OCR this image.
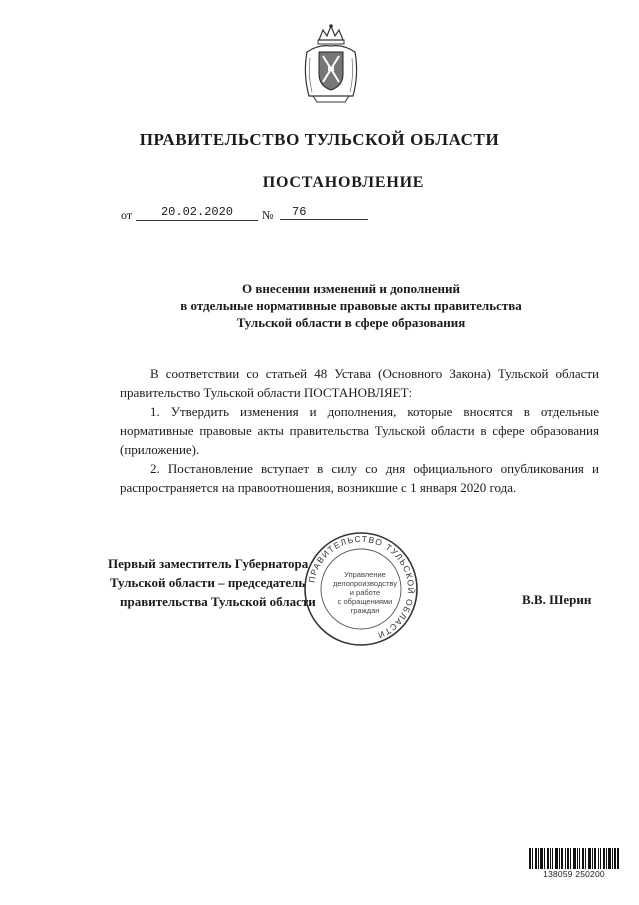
ПРАВИТЕЛЬСТВО ТУЛЬСКОЙ ОБЛАСТИ
ПОСТАНОВЛЕНИЕ
от	20.02.2020	№	76
О внесении изменений и дополнений
в отдельные нормативные правовые акты правительства
Тульской области в сфере образования

В соответствии со статьей 48 Устава (Основного Закона) Тульской области правительство Тульской области ПОСТАНОВЛЯЕТ:

1. Утвердить изменения и дополнения, которые вносятся в отдельные нормативные правовые акты правительства Тульской области в сфере образования (приложение).

2. Постановление вступает в силу со дня официального опубликования и распространяется на правоотношения, возникшие с 1 января 2020 года.

Первый заместитель Губернатора
Тульской области – председатель
правительства Тульской области	В.В. Шерин
ПРАВИТЕЛЬСТВО ТУЛЬСКОЙ ОБЛАСТИ
Управление
делопроизводству
и работе
с обращениями
граждан
138059 250200
